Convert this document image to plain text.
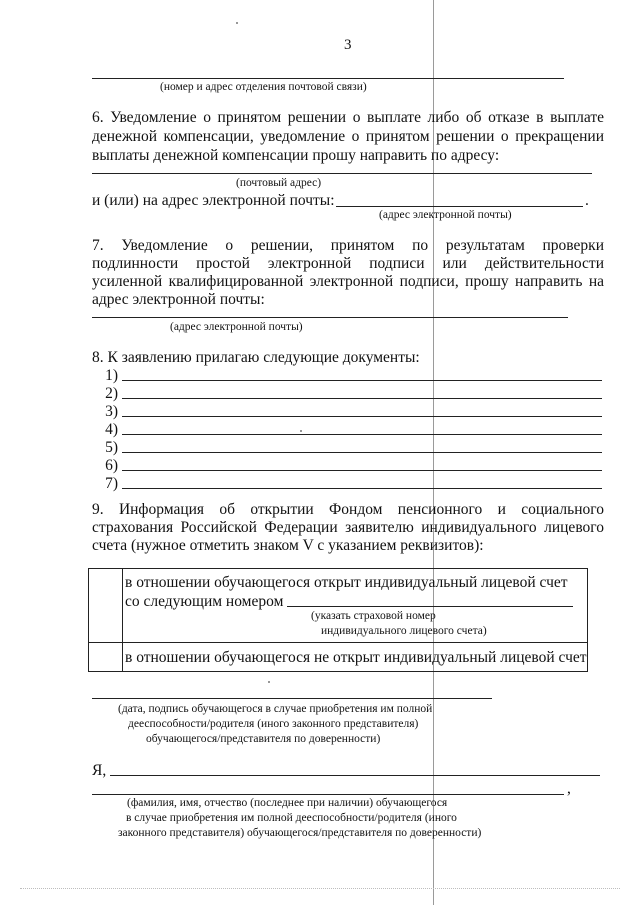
3
(номер и адрес отделения почтовой связи)
6. Уведомление о принятом решении о выплате либо об отказе в выплате
денежной компенсации, уведомление о принятом решении о прекращении
выплаты денежной компенсации прошу направить по адресу:
(почтовый адрес)
и (или) на адрес электронной почты:	.
(адрес электронной почты)
7. Уведомление о решении, принятом по результатам проверки
подлинности простой электронной подписи или действительности
усиленной квалифицированной электронной подписи, прошу направить на
адрес электронной почты:
(адрес электронной почты)
8. К заявлению прилагаю следующие документы:
1)
2)
3)
4)
5)
6)
7)
9. Информация об открытии Фондом пенсионного и социального
страхования Российской Федерации заявителю индивидуального лицевого
счета (нужное отметить знаком V с указанием реквизитов):
в отношении обучающегося открыт индивидуальный лицевой счет
со следующим номером
(указать страховой номер
индивидуального лицевого счета)
в отношении обучающегося не открыт индивидуальный лицевой счет
(дата, подпись обучающегося в случае приобретения им полной
дееспособности/родителя (иного законного представителя)
обучающегося/представителя по доверенности)
Я,
,
(фамилия, имя, отчество (последнее при наличии) обучающегося
в случае приобретения им полной дееспособности/родителя (иного
законного представителя) обучающегося/представителя по доверенности)
